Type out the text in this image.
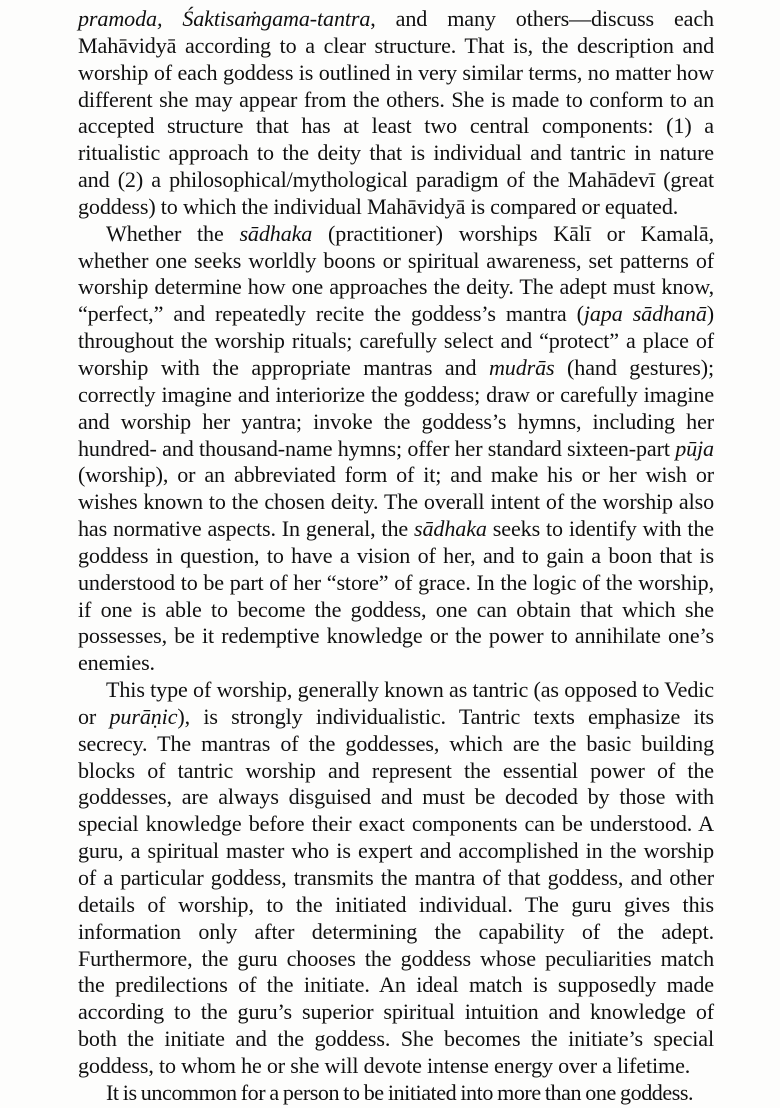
pramoda, Śaktisaṁgama-tantra, and many others—discuss each Mahāvidyā according to a clear structure. That is, the description and worship of each goddess is outlined in very similar terms, no matter how different she may appear from the others. She is made to conform to an accepted structure that has at least two central components: (1) a ritualistic approach to the deity that is individual and tantric in nature and (2) a philosophical/mythological paradigm of the Mahādevī (great goddess) to which the individual Mahāvidyā is compared or equated.

Whether the sādhaka (practitioner) worships Kālī or Kamalā, whether one seeks worldly boons or spiritual awareness, set patterns of worship determine how one approaches the deity. The adept must know, “perfect,” and repeatedly recite the goddess’s mantra (japa sādhanā) throughout the worship rituals; carefully select and “protect” a place of worship with the appropriate mantras and mudrās (hand gestures); correctly imagine and interiorize the goddess; draw or carefully imagine and worship her yantra; invoke the goddess’s hymns, including her hundred- and thousand-name hymns; offer her standard sixteen-part pūja (worship), or an abbreviated form of it; and make his or her wish or wishes known to the chosen deity. The overall intent of the worship also has normative aspects. In general, the sādhaka seeks to identify with the goddess in question, to have a vision of her, and to gain a boon that is understood to be part of her “store” of grace. In the logic of the worship, if one is able to become the goddess, one can obtain that which she possesses, be it redemptive knowledge or the power to annihilate one’s enemies.

This type of worship, generally known as tantric (as opposed to Vedic or purāṇic), is strongly individualistic. Tantric texts emphasize its secrecy. The mantras of the goddesses, which are the basic building blocks of tantric worship and represent the essential power of the goddesses, are always disguised and must be decoded by those with special knowledge before their exact components can be understood. A guru, a spiritual master who is expert and accomplished in the worship of a particular goddess, transmits the mantra of that goddess, and other details of worship, to the initiated individual. The guru gives this information only after determining the capability of the adept. Furthermore, the guru chooses the goddess whose peculiarities match the predilections of the initiate. An ideal match is supposedly made according to the guru’s superior spiritual intuition and knowledge of both the initiate and the goddess. She becomes the initiate’s special goddess, to whom he or she will devote intense energy over a lifetime.

It is uncommon for a person to be initiated into more than one goddess.
